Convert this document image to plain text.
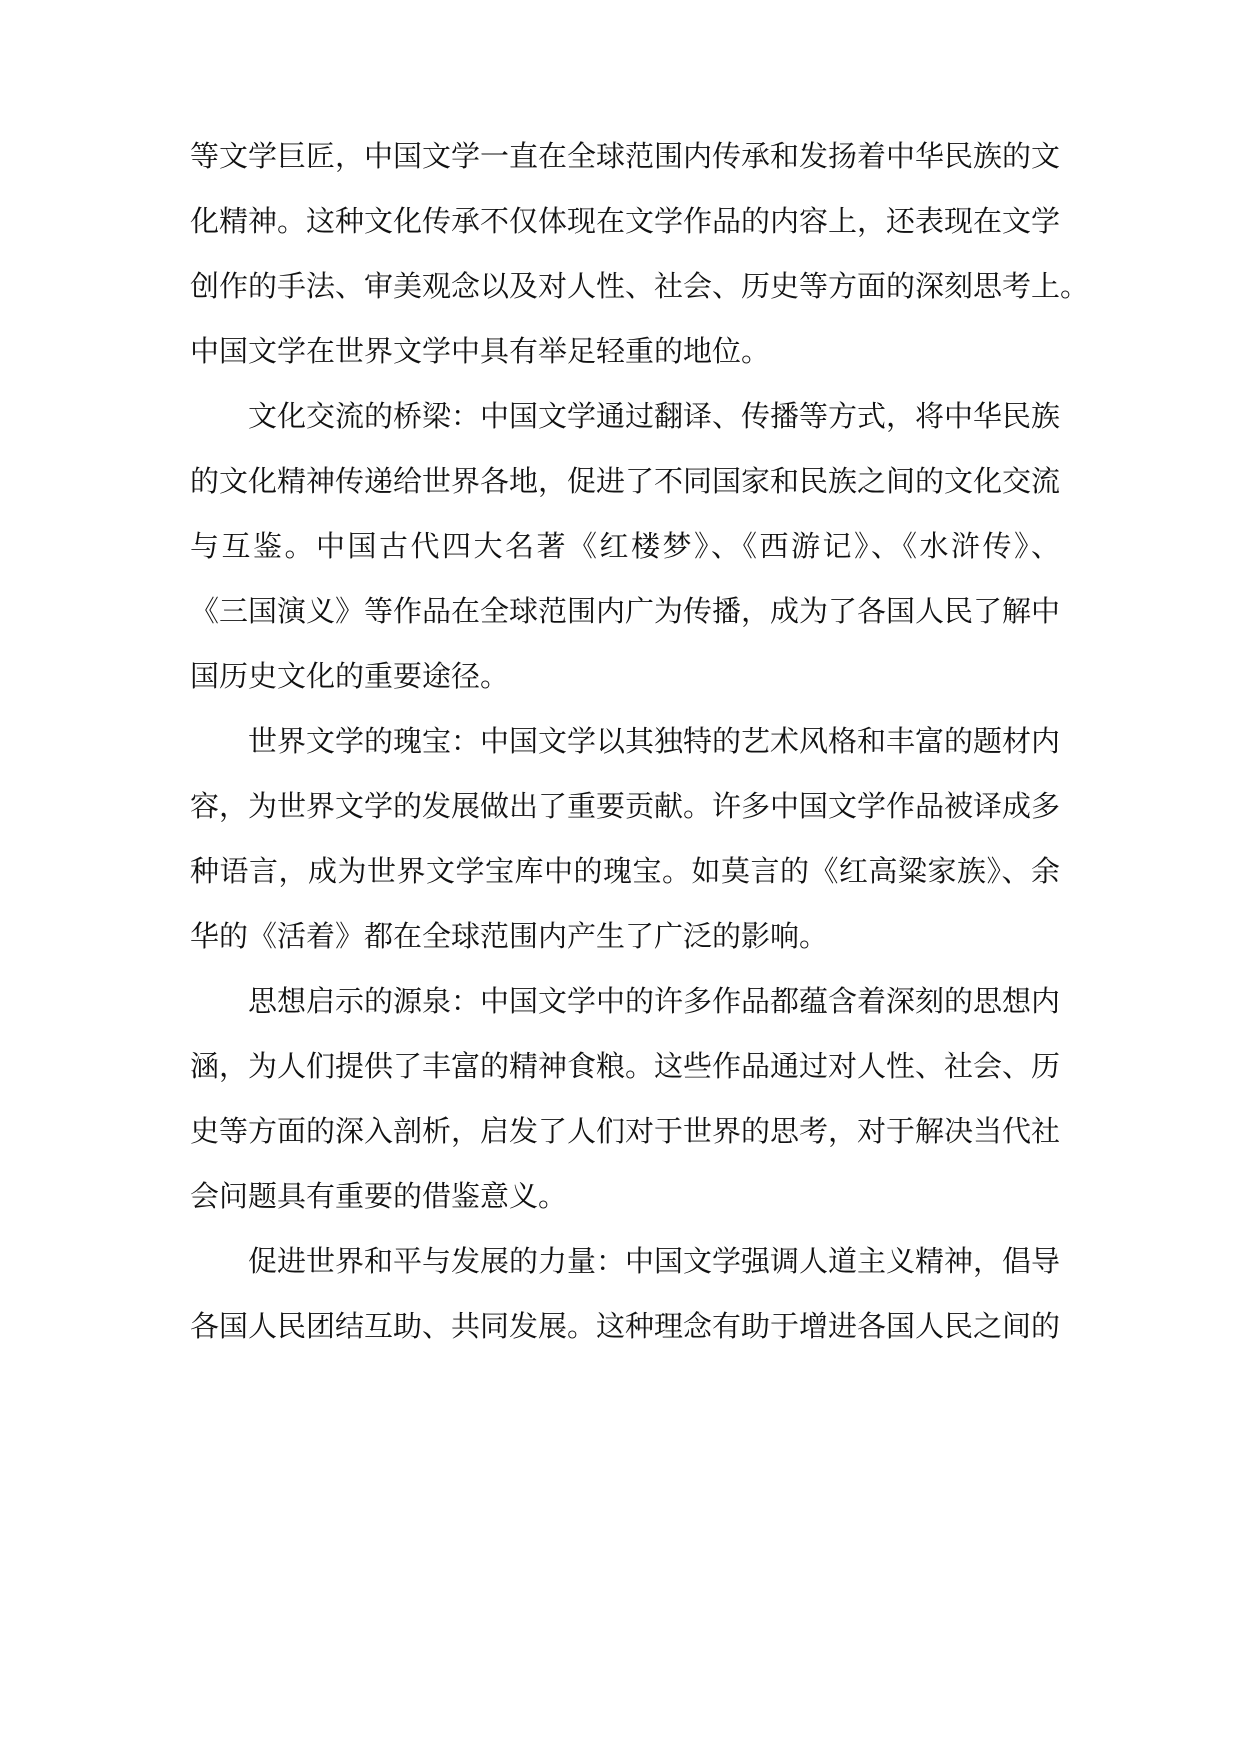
等文学巨匠，中国文学一直在全球范围内传承和发扬着中华民族的文
化精神。这种文化传承不仅体现在文学作品的内容上，还表现在文学
创作的手法、审美观念以及对人性、社会、历史等方面的深刻思考上。
中国文学在世界文学中具有举足轻重的地位。
文化交流的桥梁：中国文学通过翻译、传播等方式，将中华民族
的文化精神传递给世界各地，促进了不同国家和民族之间的文化交流
与互鉴。中国古代四大名著《红楼梦》、《西游记》、《水浒传》、
《三国演义》等作品在全球范围内广为传播，成为了各国人民了解中
国历史文化的重要途径。
世界文学的瑰宝：中国文学以其独特的艺术风格和丰富的题材内
容，为世界文学的发展做出了重要贡献。许多中国文学作品被译成多
种语言，成为世界文学宝库中的瑰宝。如莫言的《红高粱家族》、余
华的《活着》都在全球范围内产生了广泛的影响。
思想启示的源泉：中国文学中的许多作品都蕴含着深刻的思想内
涵，为人们提供了丰富的精神食粮。这些作品通过对人性、社会、历
史等方面的深入剖析，启发了人们对于世界的思考，对于解决当代社
会问题具有重要的借鉴意义。
促进世界和平与发展的力量：中国文学强调人道主义精神，倡导
各国人民团结互助、共同发展。这种理念有助于增进各国人民之间的
